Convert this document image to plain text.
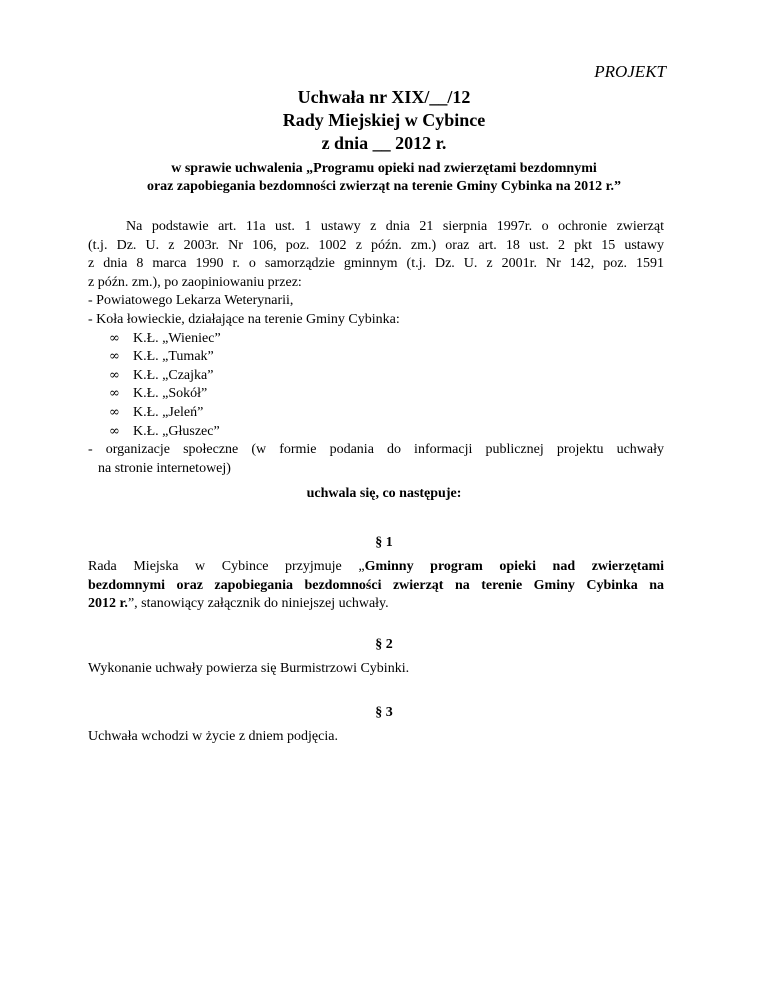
PROJEKT
Uchwała nr XIX/__/12
Rady Miejskiej w Cybince
z dnia __ 2012 r.
w sprawie uchwalenia „Programu opieki nad zwierzętami bezdomnymi
oraz zapobiegania bezdomności zwierząt na terenie Gminy Cybinka na 2012 r.”

Na podstawie art. 11a ust. 1 ustawy z dnia 21 sierpnia 1997r. o ochronie zwierząt

(t.j. Dz. U. z 2003r. Nr 106, poz. 1002 z późn. zm.) oraz art. 18 ust. 2 pkt 15 ustawy

z dnia 8 marca 1990 r. o samorządzie gminnym (t.j. Dz. U. z 2001r. Nr 142, poz. 1591

z późn. zm.), po zaopiniowaniu przez:

- Powiatowego Lekarza Weterynarii,
- Koła łowieckie, działające na terenie Gminy Cybinka:
∞ K.Ł. „Wieniec”
∞ K.Ł. „Tumak”
∞ K.Ł. „Czajka”
∞ K.Ł. „Sokół”
∞ K.Ł. „Jeleń”
∞ K.Ł. „Głuszec”
- organizacje społeczne (w formie podania do informacji publicznej projektu uchwały
na stronie internetowej)
uchwala się, co następuje:
§ 1

Rada Miejska w Cybince przyjmuje „Gminny program opieki nad zwierzętami

bezdomnymi oraz zapobiegania bezdomności zwierząt na terenie Gminy Cybinka na

2012 r.”, stanowiący załącznik do niniejszej uchwały.

§ 2

Wykonanie uchwały powierza się Burmistrzowi Cybinki.

§ 3

Uchwała wchodzi w życie z dniem podjęcia.
